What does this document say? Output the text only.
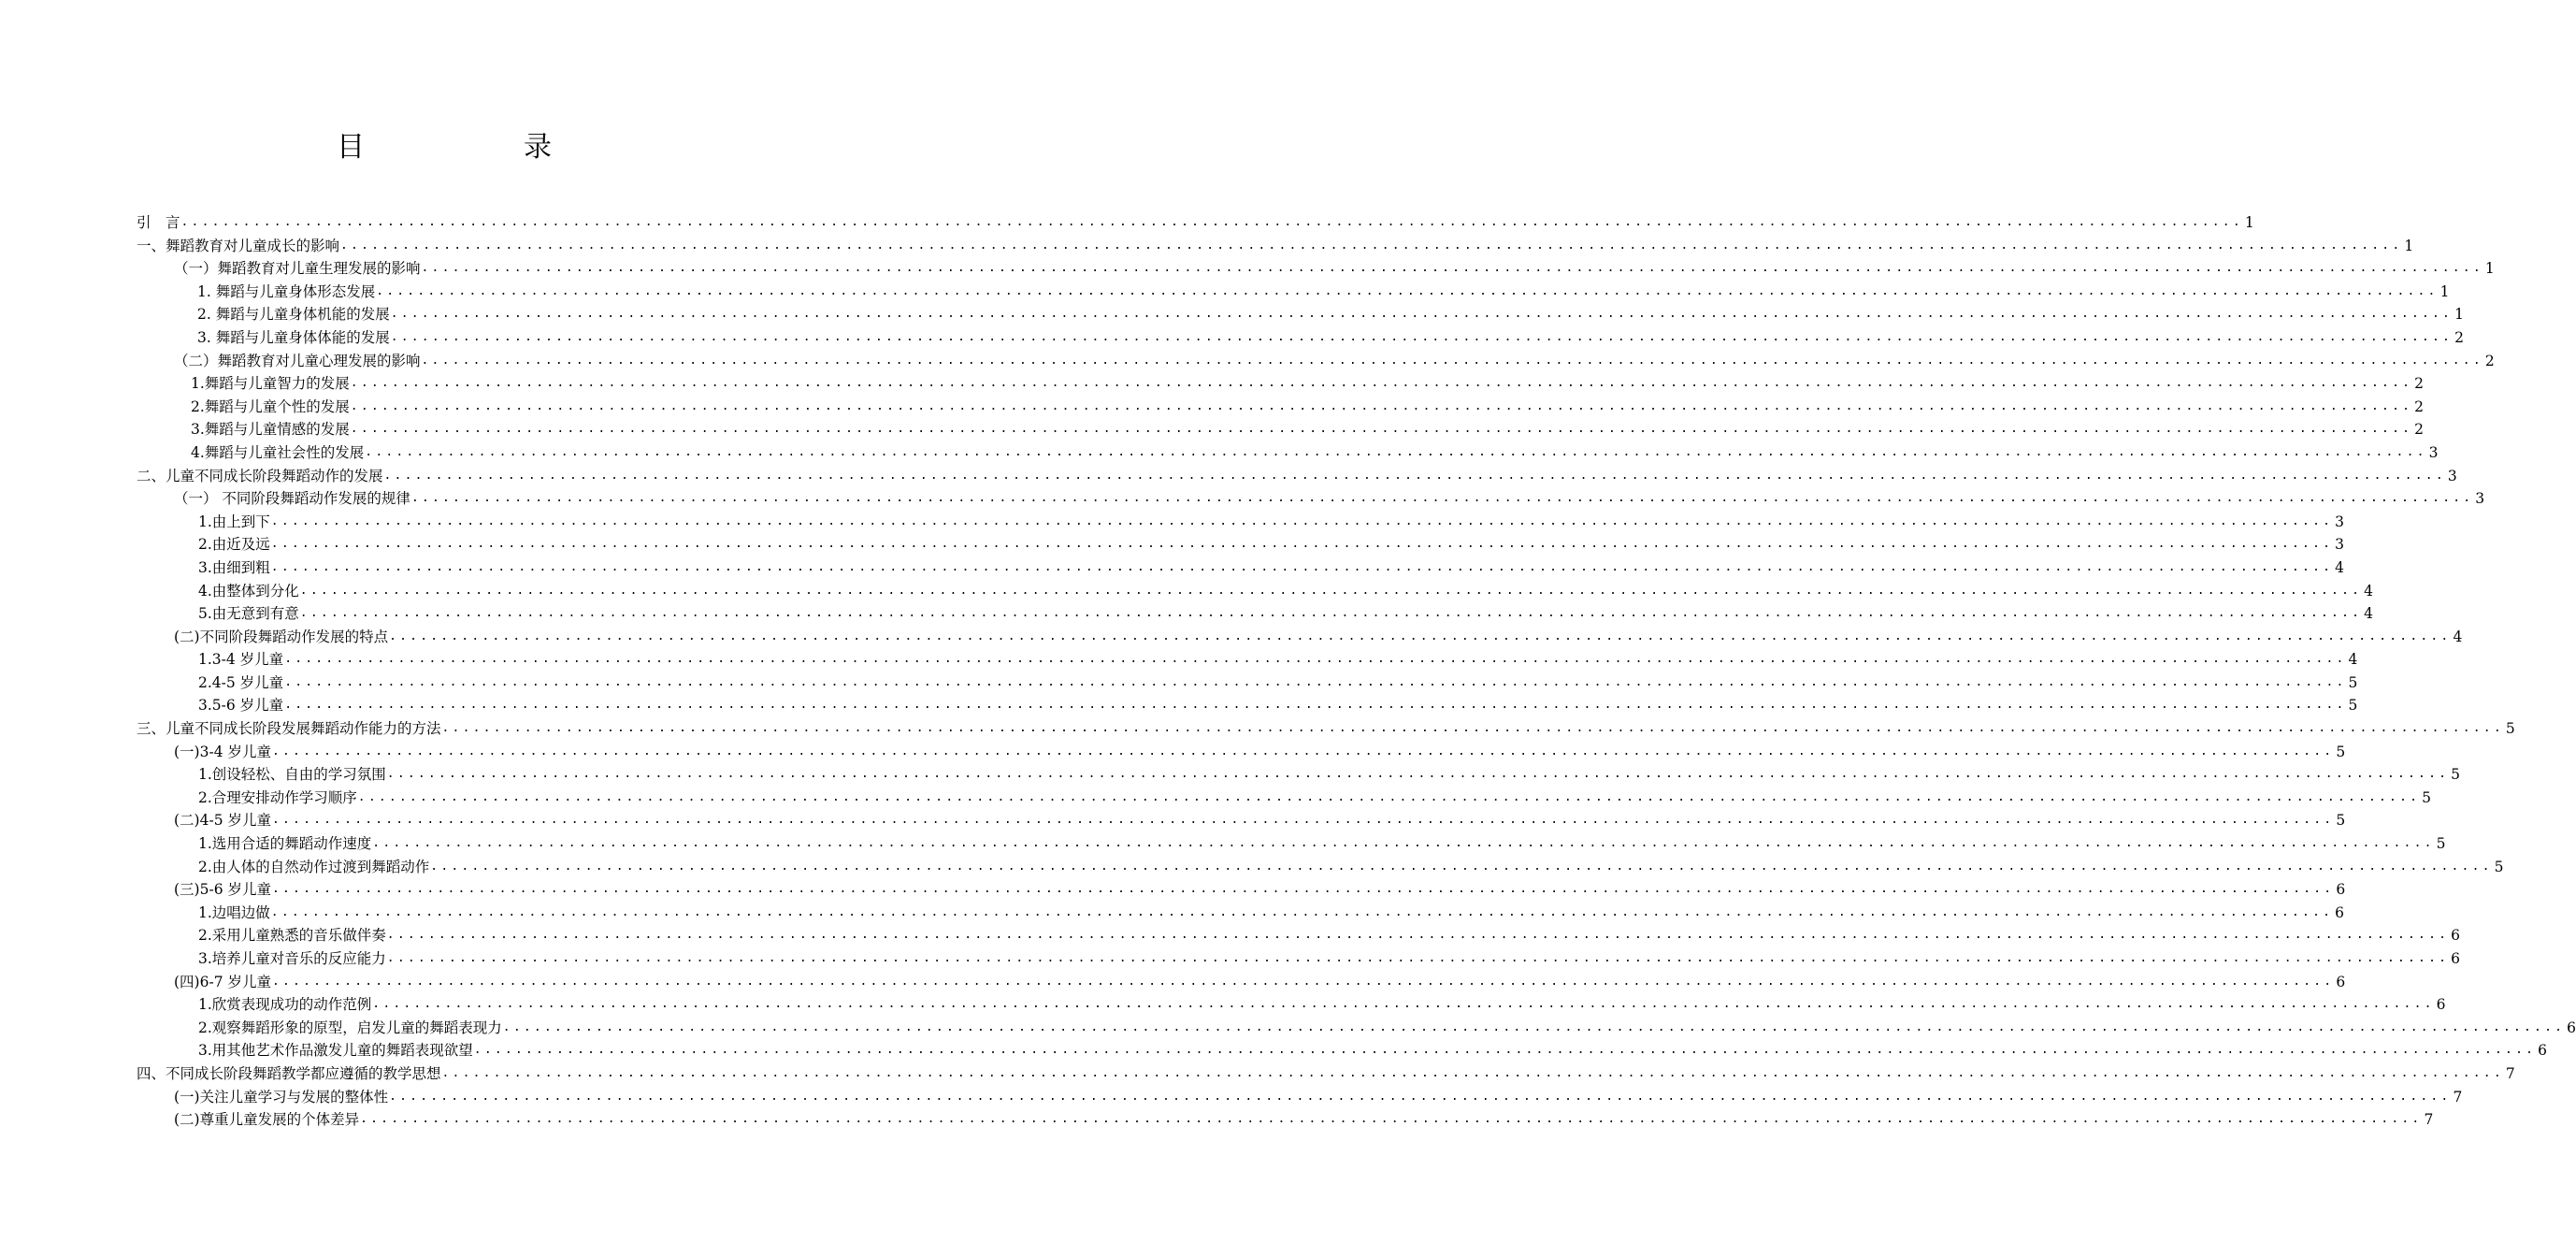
目　录
引　言 ........................................................................................................................................................................................................ 1
一、舞蹈教育对儿童成长的影响 ........................................................................................................................................................................................................ 1
（一）舞蹈教育对儿童生理发展的影响 ........................................................................................................................................................................................................ 1
1. 舞蹈与儿童身体形态发展 ........................................................................................................................................................................................................ 1
2. 舞蹈与儿童身体机能的发展 ........................................................................................................................................................................................................ 1
3. 舞蹈与儿童身体体能的发展 ........................................................................................................................................................................................................ 2
（二）舞蹈教育对儿童心理发展的影响 ........................................................................................................................................................................................................ 2
1.舞蹈与儿童智力的发展 ........................................................................................................................................................................................................ 2
2.舞蹈与儿童个性的发展 ........................................................................................................................................................................................................ 2
3.舞蹈与儿童情感的发展 ........................................................................................................................................................................................................ 2
4.舞蹈与儿童社会性的发展 ........................................................................................................................................................................................................ 3
二、儿童不同成长阶段舞蹈动作的发展 ........................................................................................................................................................................................................ 3
（一） 不同阶段舞蹈动作发展的规律 ........................................................................................................................................................................................................ 3
1.由上到下 ........................................................................................................................................................................................................ 3
2.由近及远 ........................................................................................................................................................................................................ 3
3.由细到粗 ........................................................................................................................................................................................................ 4
4.由整体到分化 ........................................................................................................................................................................................................ 4
5.由无意到有意 ........................................................................................................................................................................................................ 4
(二)不同阶段舞蹈动作发展的特点 ........................................................................................................................................................................................................ 4
1.3-4 岁儿童 ........................................................................................................................................................................................................ 4
2.4-5 岁儿童 ........................................................................................................................................................................................................ 5
3.5-6 岁儿童 ........................................................................................................................................................................................................ 5
三、儿童不同成长阶段发展舞蹈动作能力的方法 ........................................................................................................................................................................................................ 5
(一)3-4 岁儿童 ........................................................................................................................................................................................................ 5
1.创设轻松、自由的学习氛围 ........................................................................................................................................................................................................ 5
2.合理安排动作学习顺序 ........................................................................................................................................................................................................ 5
(二)4-5 岁儿童 ........................................................................................................................................................................................................ 5
1.选用合适的舞蹈动作速度 ........................................................................................................................................................................................................ 5
2.由人体的自然动作过渡到舞蹈动作 ........................................................................................................................................................................................................ 5
(三)5-6 岁儿童 ........................................................................................................................................................................................................ 6
1.边唱边做 ........................................................................................................................................................................................................ 6
2.采用儿童熟悉的音乐做伴奏 ........................................................................................................................................................................................................ 6
3.培养儿童对音乐的反应能力 ........................................................................................................................................................................................................ 6
(四)6-7 岁儿童 ........................................................................................................................................................................................................ 6
1.欣赏表现成功的动作范例 ........................................................................................................................................................................................................ 6
2.观察舞蹈形象的原型，启发儿童的舞蹈表现力 ........................................................................................................................................................................................................ 6
3.用其他艺术作品激发儿童的舞蹈表现欲望 ........................................................................................................................................................................................................ 6
四、不同成长阶段舞蹈教学都应遵循的教学思想 ........................................................................................................................................................................................................ 7
(一)关注儿童学习与发展的整体性 ........................................................................................................................................................................................................ 7
(二)尊重儿童发展的个体差异 ........................................................................................................................................................................................................ 7
